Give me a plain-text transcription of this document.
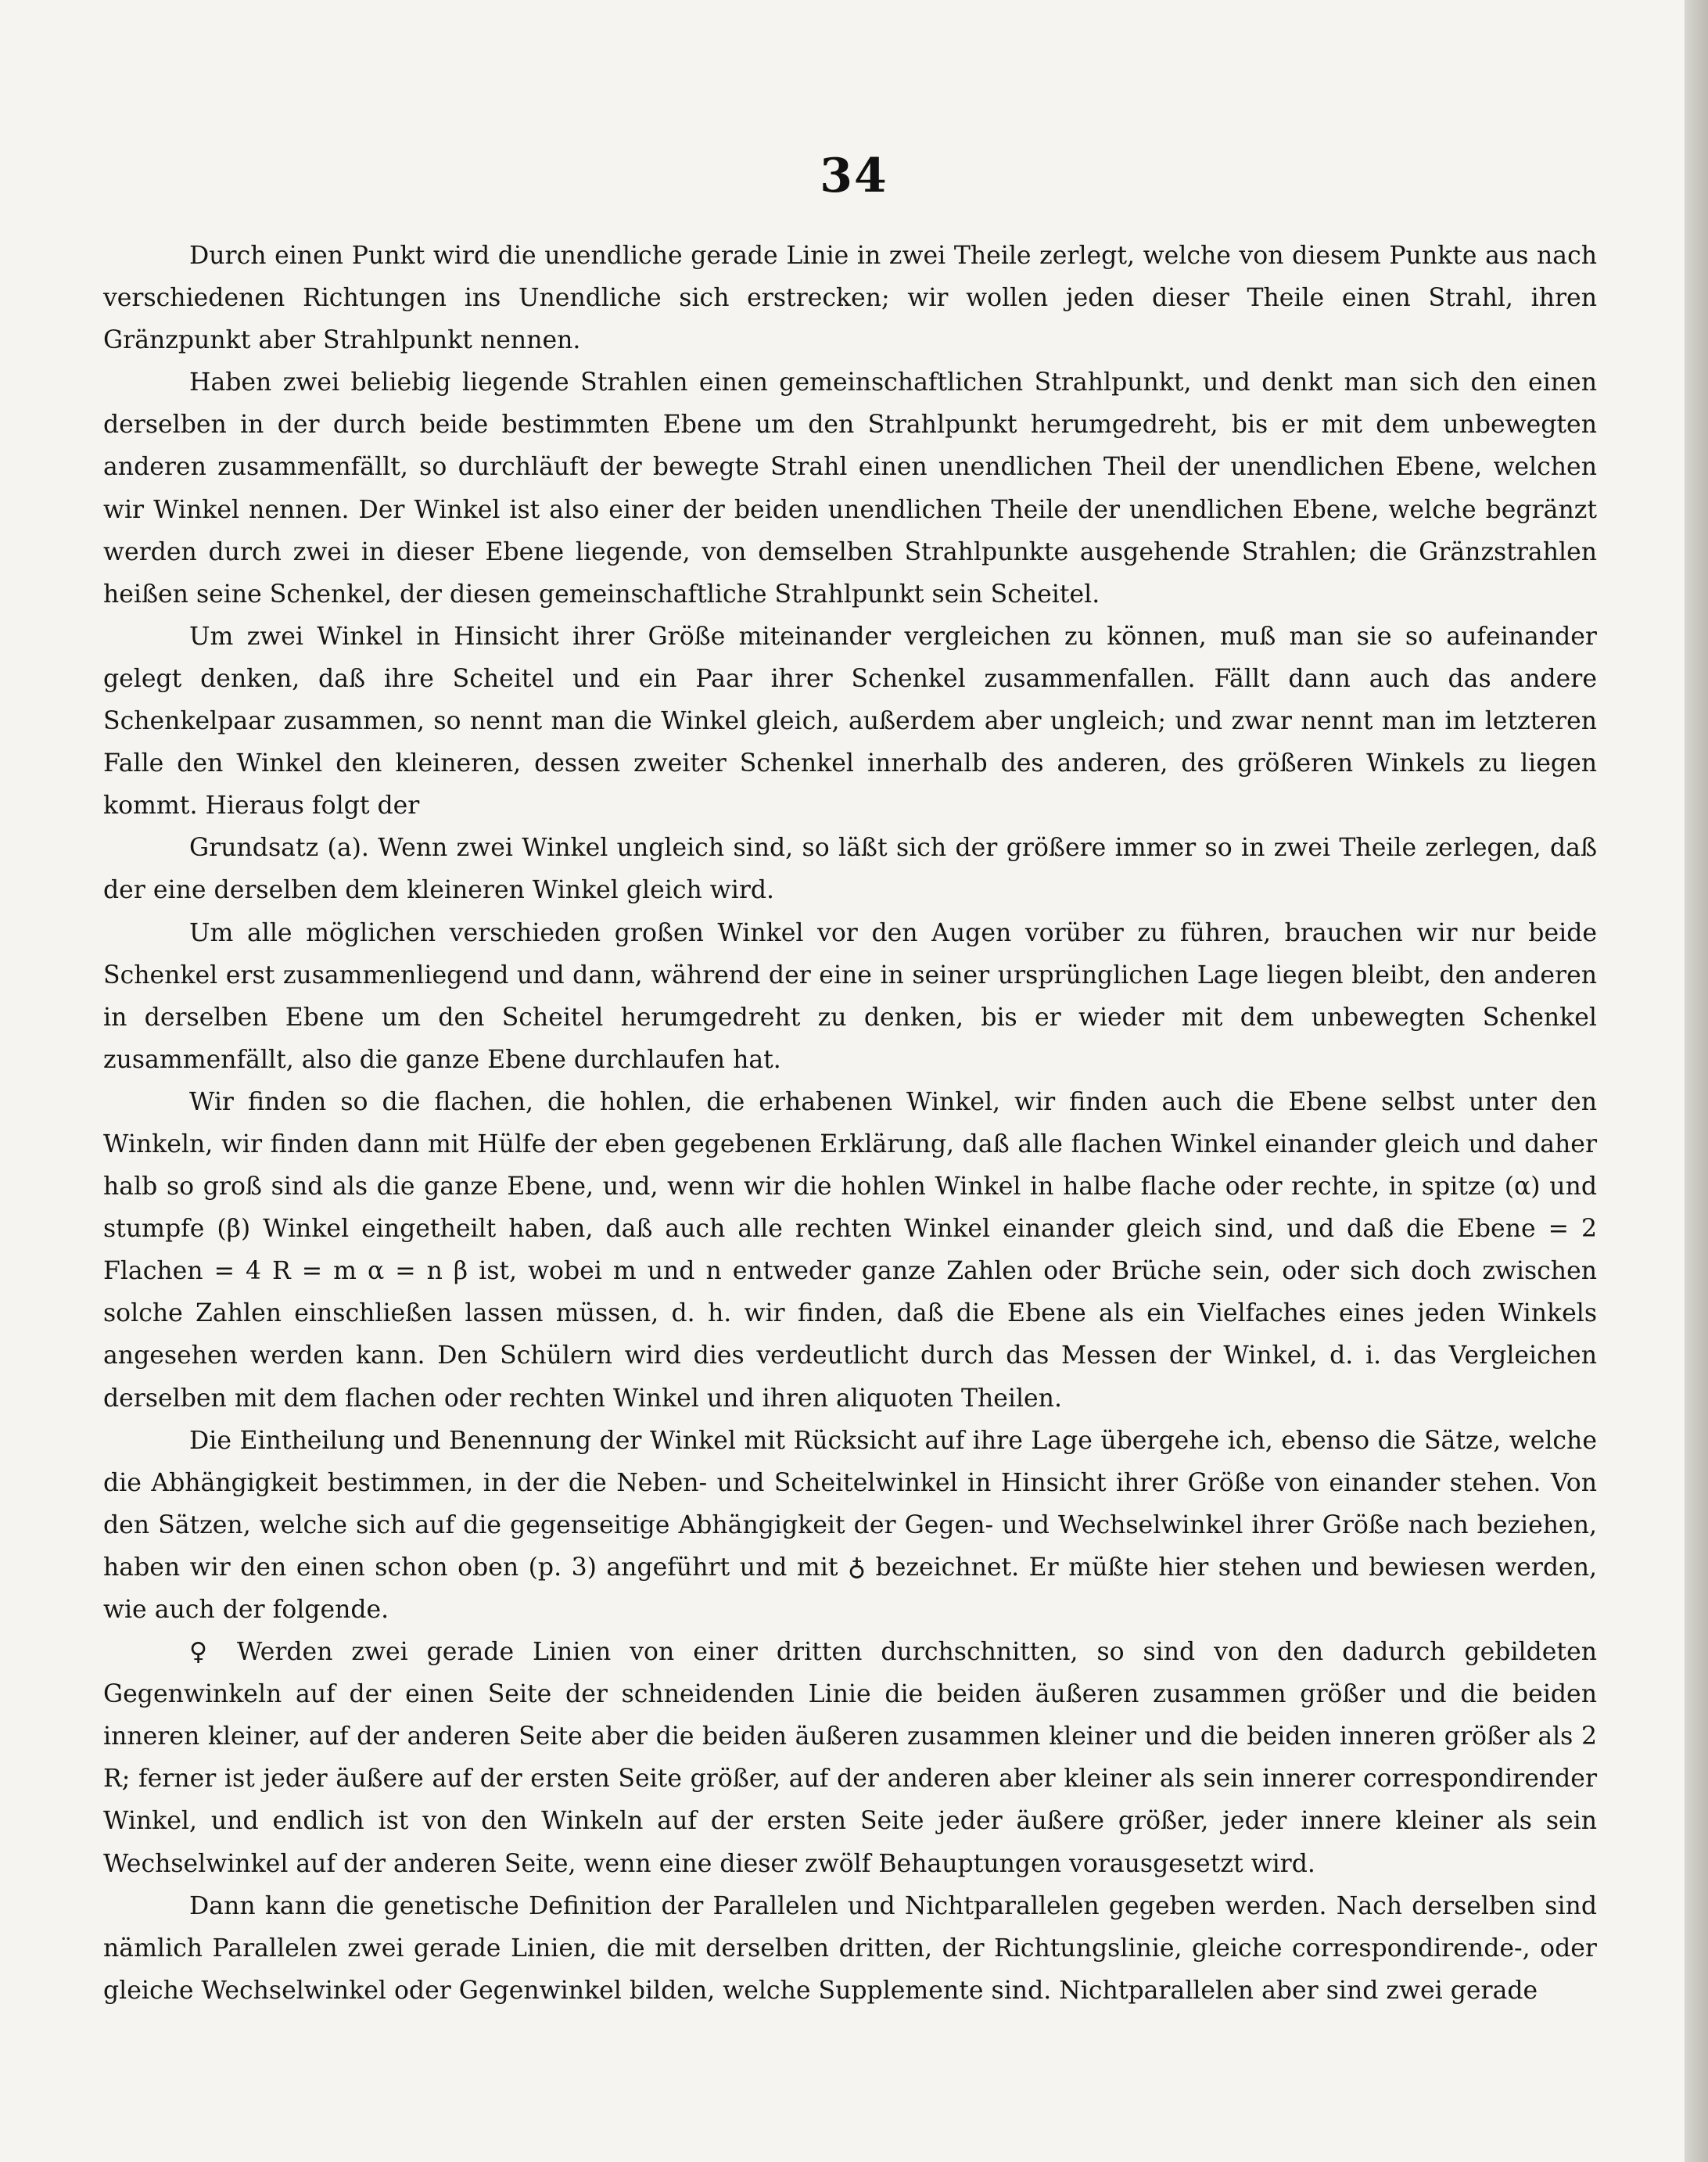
34

Durch einen Punkt wird die unendliche gerade Linie in zwei Theile zerlegt, welche von diesem Punkte aus nach verschiedenen Richtungen ins Unendliche sich erstrecken; wir wollen jeden dieser Theile einen Strahl, ihren Gränzpunkt aber Strahlpunkt nennen.

Haben zwei beliebig liegende Strahlen einen gemeinschaftlichen Strahlpunkt, und denkt man sich den einen derselben in der durch beide bestimmten Ebene um den Strahlpunkt herumgedreht, bis er mit dem unbewegten anderen zusammenfällt, so durchläuft der bewegte Strahl einen unendlichen Theil der unendlichen Ebene, welchen wir Winkel nennen. Der Winkel ist also einer der beiden unendlichen Theile der unendlichen Ebene, welche begränzt werden durch zwei in dieser Ebene liegende, von demselben Strahlpunkte ausgehende Strahlen; die Gränzstrahlen heißen seine Schenkel, der diesen gemeinschaftliche Strahlpunkt sein Scheitel.

Um zwei Winkel in Hinsicht ihrer Größe miteinander vergleichen zu können, muß man sie so aufeinander gelegt denken, daß ihre Scheitel und ein Paar ihrer Schenkel zusammenfallen. Fällt dann auch das andere Schenkelpaar zusammen, so nennt man die Winkel gleich, außerdem aber ungleich; und zwar nennt man im letzteren Falle den Winkel den kleineren, dessen zweiter Schenkel innerhalb des anderen, des größeren Winkels zu liegen kommt. Hieraus folgt der

Grundsatz (a). Wenn zwei Winkel ungleich sind, so läßt sich der größere immer so in zwei Theile zerlegen, daß der eine derselben dem kleineren Winkel gleich wird.

Um alle möglichen verschieden großen Winkel vor den Augen vorüber zu führen, brauchen wir nur beide Schenkel erst zusammenliegend und dann, während der eine in seiner ursprünglichen Lage liegen bleibt, den anderen in derselben Ebene um den Scheitel herumgedreht zu denken, bis er wieder mit dem unbewegten Schenkel zusammenfällt, also die ganze Ebene durchlaufen hat.

Wir finden so die flachen, die hohlen, die erhabenen Winkel, wir finden auch die Ebene selbst unter den Winkeln, wir finden dann mit Hülfe der eben gegebenen Erklärung, daß alle flachen Winkel einander gleich und daher halb so groß sind als die ganze Ebene, und, wenn wir die hohlen Winkel in halbe flache oder rechte, in spitze (α) und stumpfe (β) Winkel eingetheilt haben, daß auch alle rechten Winkel einander gleich sind, und daß die Ebene = 2 Flachen = 4 R = m α = n β ist, wobei m und n entweder ganze Zahlen oder Brüche sein, oder sich doch zwischen solche Zahlen einschließen lassen müssen, d. h. wir finden, daß die Ebene als ein Vielfaches eines jeden Winkels angesehen werden kann. Den Schülern wird dies verdeutlicht durch das Messen der Winkel, d. i. das Vergleichen derselben mit dem flachen oder rechten Winkel und ihren aliquoten Theilen.

Die Eintheilung und Benennung der Winkel mit Rücksicht auf ihre Lage übergehe ich, ebenso die Sätze, welche die Abhängigkeit bestimmen, in der die Neben- und Scheitelwinkel in Hinsicht ihrer Größe von einander stehen. Von den Sätzen, welche sich auf die gegenseitige Abhängigkeit der Gegen- und Wechselwinkel ihrer Größe nach beziehen, haben wir den einen schon oben (p. 3) angeführt und mit ♁ bezeichnet. Er müßte hier stehen und bewiesen werden, wie auch der folgende.

♀ Werden zwei gerade Linien von einer dritten durchschnitten, so sind von den dadurch gebildeten Gegenwinkeln auf der einen Seite der schneidenden Linie die beiden äußeren zusammen größer und die beiden inneren kleiner, auf der anderen Seite aber die beiden äußeren zusammen kleiner und die beiden inneren größer als 2 R; ferner ist jeder äußere auf der ersten Seite größer, auf der anderen aber kleiner als sein innerer correspondirender Winkel, und endlich ist von den Winkeln auf der ersten Seite jeder äußere größer, jeder innere kleiner als sein Wechselwinkel auf der anderen Seite, wenn eine dieser zwölf Behauptungen vorausgesetzt wird.

Dann kann die genetische Definition der Parallelen und Nichtparallelen gegeben werden. Nach derselben sind nämlich Parallelen zwei gerade Linien, die mit derselben dritten, der Richtungslinie, gleiche correspondirende-, oder gleiche Wechselwinkel oder Gegenwinkel bilden, welche Supplemente sind. Nichtparallelen aber sind zwei gerade
